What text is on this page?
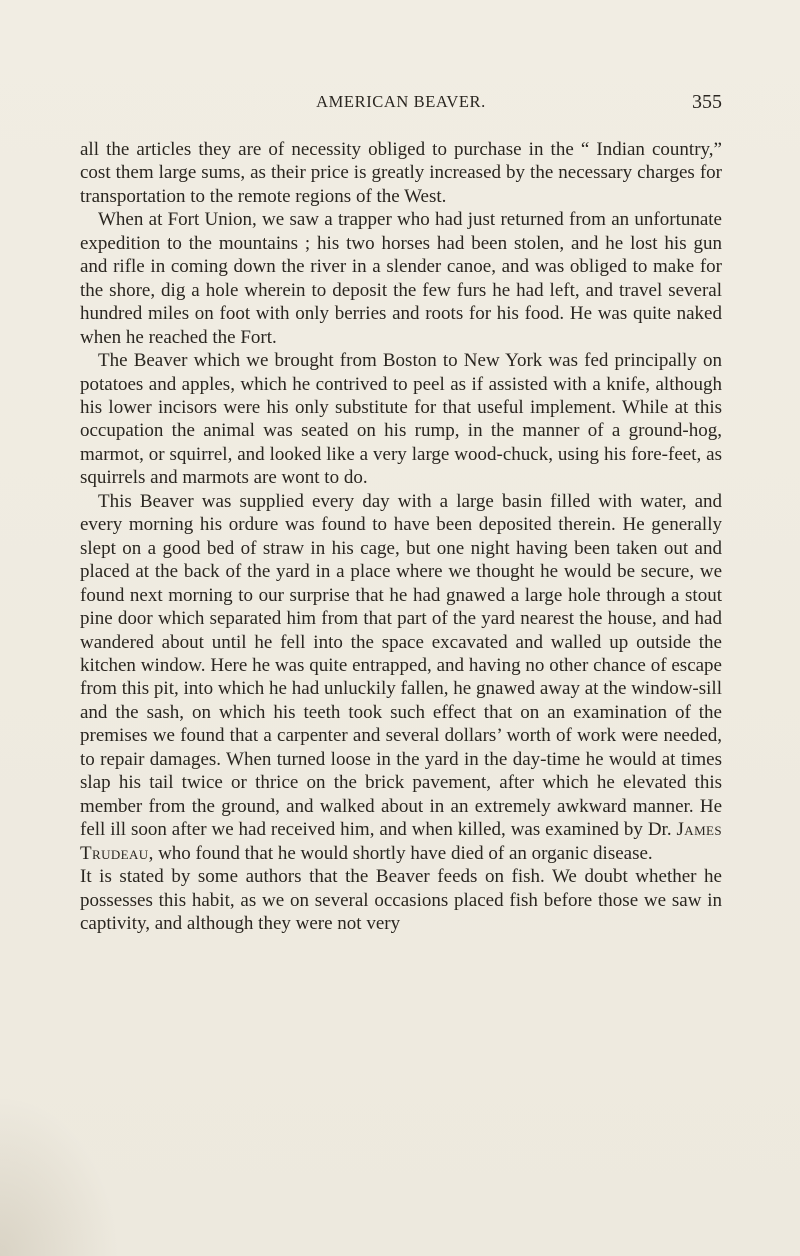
AMERICAN BEAVER.	355

all the articles they are of necessity obliged to purchase in the “ Indian country,” cost them large sums, as their price is greatly increased by the necessary charges for transportation to the remote regions of the West.

When at Fort Union, we saw a trapper who had just returned from an unfortunate expedition to the mountains ; his two horses had been stolen, and he lost his gun and rifle in coming down the river in a slender canoe, and was obliged to make for the shore, dig a hole wherein to deposit the few furs he had left, and travel several hundred miles on foot with only berries and roots for his food. He was quite naked when he reached the Fort.

The Beaver which we brought from Boston to New York was fed principally on potatoes and apples, which he contrived to peel as if assisted with a knife, although his lower incisors were his only substitute for that useful implement. While at this occupation the animal was seated on his rump, in the manner of a ground-hog, marmot, or squirrel, and looked like a very large wood-chuck, using his fore-feet, as squirrels and marmots are wont to do.

This Beaver was supplied every day with a large basin filled with water, and every morning his ordure was found to have been deposited therein. He generally slept on a good bed of straw in his cage, but one night having been taken out and placed at the back of the yard in a place where we thought he would be secure, we found next morning to our surprise that he had gnawed a large hole through a stout pine door which separated him from that part of the yard nearest the house, and had wandered about until he fell into the space excavated and walled up outside the kitchen window. Here he was quite entrapped, and having no other chance of escape from this pit, into which he had unluckily fallen, he gnawed away at the window-sill and the sash, on which his teeth took such effect that on an examination of the premises we found that a carpenter and several dollars’ worth of work were needed, to repair damages. When turned loose in the yard in the day-time he would at times slap his tail twice or thrice on the brick pavement, after which he elevated this member from the ground, and walked about in an extremely awkward manner. He fell ill soon after we had received him, and when killed, was examined by Dr. James Trudeau, who found that he would shortly have died of an organic disease.

It is stated by some authors that the Beaver feeds on fish. We doubt whether he possesses this habit, as we on several occasions placed fish before those we saw in captivity, and although they were not very
